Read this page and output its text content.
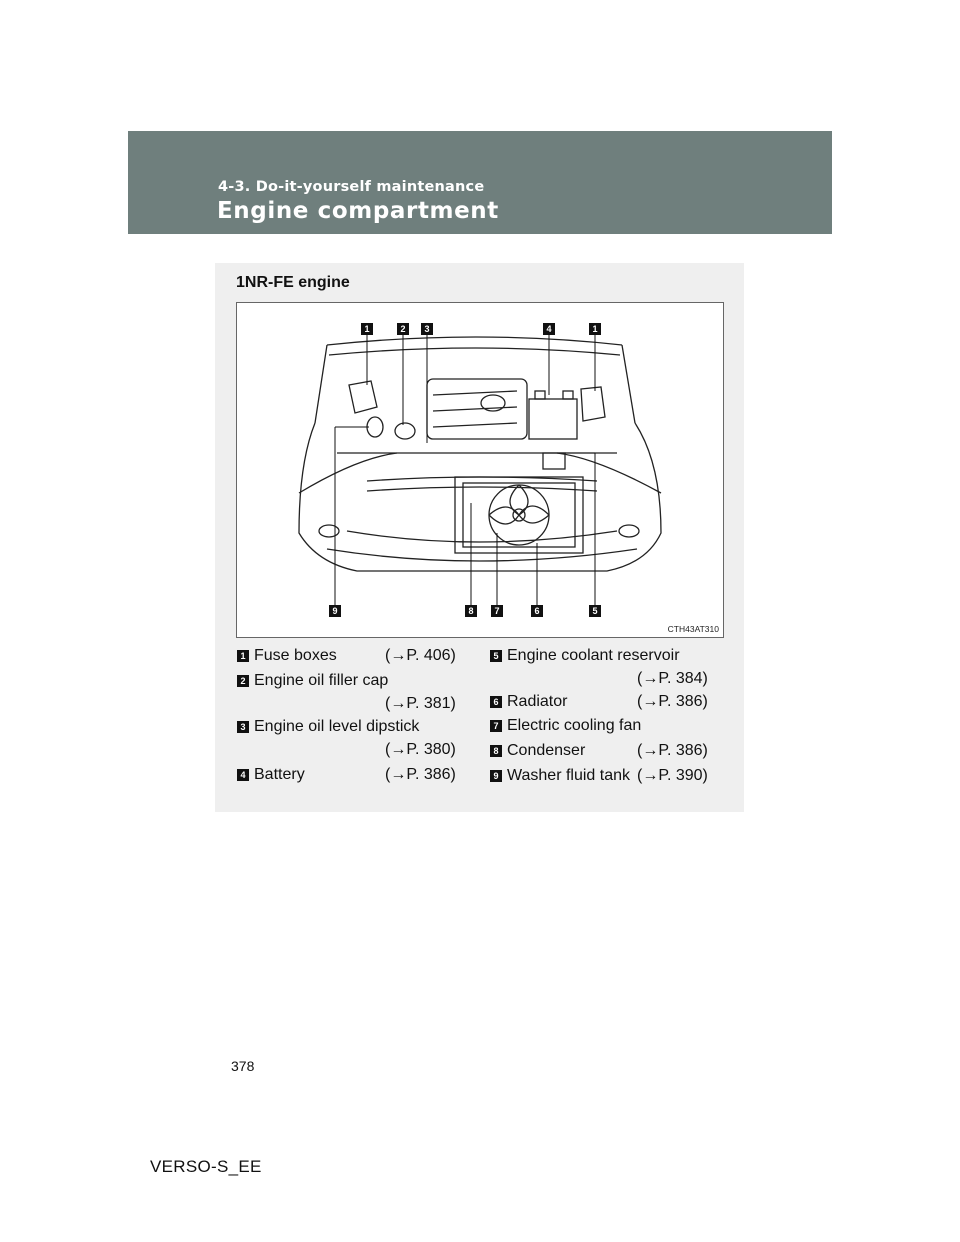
4-3. Do-it-yourself maintenance
Engine compartment
1NR-FE engine
1	2	3	4	1
9	8	7	6	5
CTH43AT310
1 Fuse boxes	(→P. 406)
2 Engine oil filler cap
(→P. 381)
3 Engine oil level dipstick
(→P. 380)
4 Battery	(→P. 386)
5 Engine coolant reservoir
(→P. 384)
6 Radiator	(→P. 386)
7 Electric cooling fan
8 Condenser	(→P. 386)
9 Washer fluid tank (→P. 390)
378
VERSO-S_EE
